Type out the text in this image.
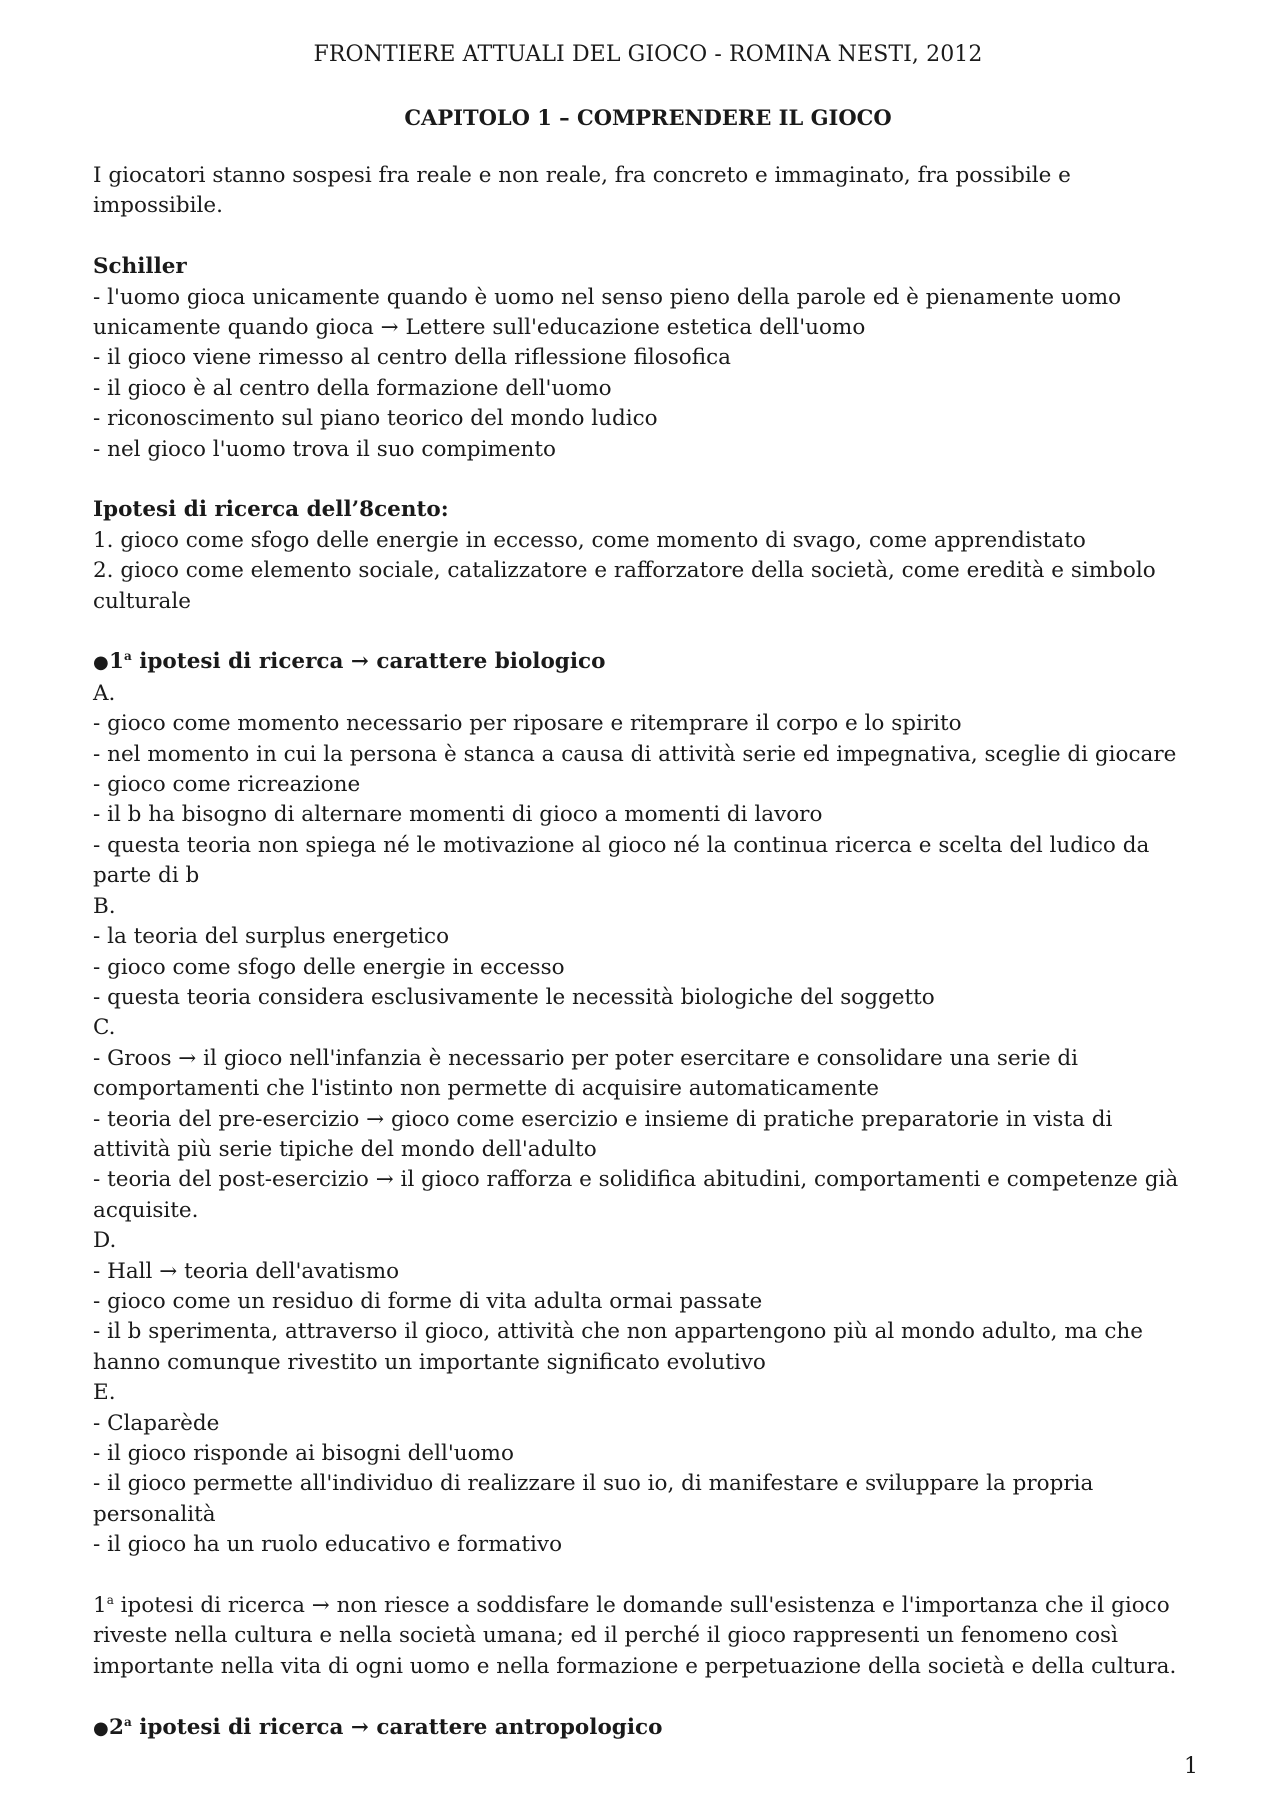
FRONTIERE ATTUALI DEL GIOCO - ROMINA NESTI, 2012

CAPITOLO 1 – COMPRENDERE IL GIOCO

I giocatori stanno sospesi fra reale e non reale, fra concreto e immaginato, fra possibile e

impossibile.

Schiller

- l'uomo gioca unicamente quando è uomo nel senso pieno della parole ed è pienamente uomo

unicamente quando gioca → Lettere sull'educazione estetica dell'uomo

- il gioco viene rimesso al centro della riflessione filosofica

- il gioco è al centro della formazione dell'uomo

- riconoscimento sul piano teorico del mondo ludico

- nel gioco l'uomo trova il suo compimento

Ipotesi di ricerca dell’8cento:

1. gioco come sfogo delle energie in eccesso, come momento di svago, come apprendistato

2. gioco come elemento sociale, catalizzatore e rafforzatore della società, come eredità e simbolo

culturale

●1$^a$ ipotesi di ricerca → carattere biologico

A.

- gioco come momento necessario per riposare e ritemprare il corpo e lo spirito

- nel momento in cui la persona è stanca a causa di attività serie ed impegnativa, sceglie di giocare

- gioco come ricreazione

- il b ha bisogno di alternare momenti di gioco a momenti di lavoro

- questa teoria non spiega né le motivazione al gioco né la continua ricerca e scelta del ludico da

parte di b

B.

- la teoria del surplus energetico

- gioco come sfogo delle energie in eccesso

- questa teoria considera esclusivamente le necessità biologiche del soggetto

C.

- Groos → il gioco nell'infanzia è necessario per poter esercitare e consolidare una serie di

comportamenti che l'istinto non permette di acquisire automaticamente

- teoria del pre-esercizio → gioco come esercizio e insieme di pratiche preparatorie in vista di

attività più serie tipiche del mondo dell'adulto

- teoria del post-esercizio → il gioco rafforza e solidifica abitudini, comportamenti e competenze già

acquisite.

D.

- Hall → teoria dell'avatismo

- gioco come un residuo di forme di vita adulta ormai passate

- il b sperimenta, attraverso il gioco, attività che non appartengono più al mondo adulto, ma che

hanno comunque rivestito un importante significato evolutivo

E.

- Claparède

- il gioco risponde ai bisogni dell'uomo

- il gioco permette all'individuo di realizzare il suo io, di manifestare e sviluppare la propria

personalità

- il gioco ha un ruolo educativo e formativo

1$^a$ ipotesi di ricerca → non riesce a soddisfare le domande sull'esistenza e l'importanza che il gioco

riveste nella cultura e nella società umana; ed il perché il gioco rappresenti un fenomeno così

importante nella vita di ogni uomo e nella formazione e perpetuazione della società e della cultura.

●2$^a$ ipotesi di ricerca → carattere antropologico

1
